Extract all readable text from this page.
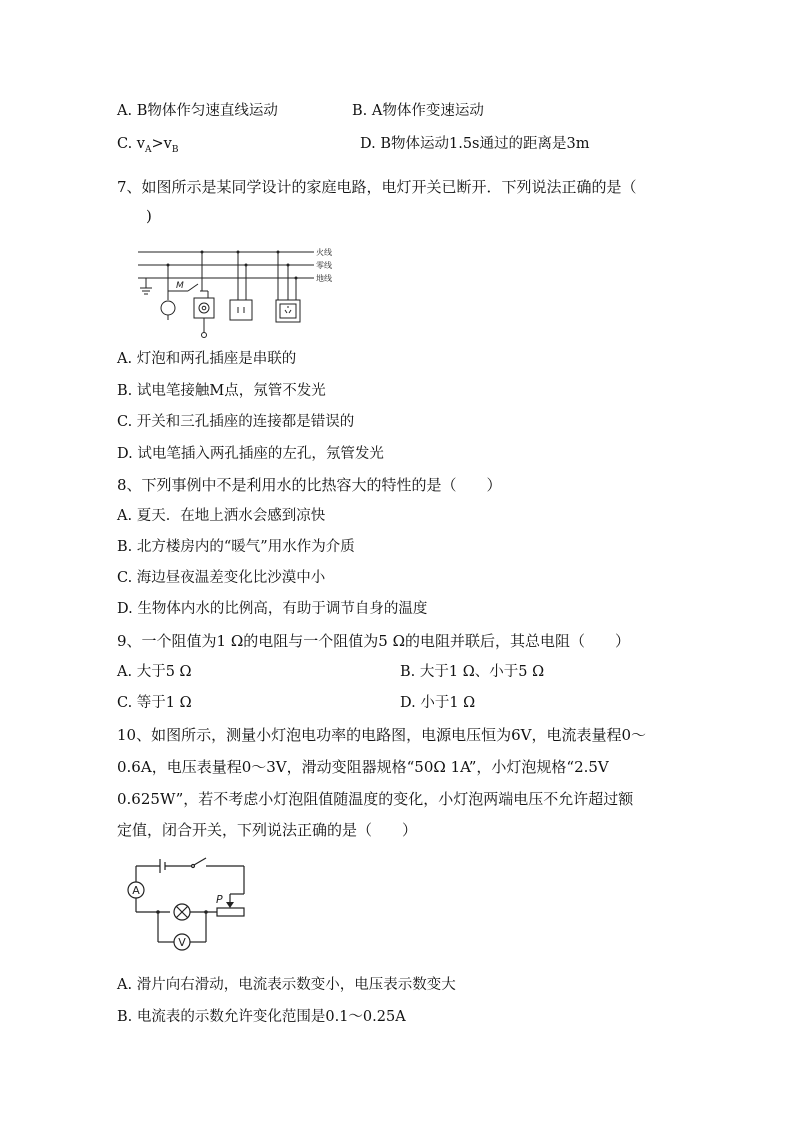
A. B物体作匀速直线运动	B. A物体作变速运动
C. $v_A>v_B$	D. B物体运动1.5s通过的距离是3m
7、如图所示是某同学设计的家庭电路，电灯开关已断开．下列说法正确的是（
)
火线
零线
地线
M
A. 灯泡和两孔插座是串联的
B. 试电笔接触M点，氖管不发光
C. 开关和三孔插座的连接都是错误的
D. 试电笔插入两孔插座的左孔，氖管发光
8、下列事例中不是利用水的比热容大的特性的是（　　）
A. 夏天．在地上洒水会感到凉快
B. 北方楼房内的“暖气”用水作为介质
C. 海边昼夜温差变化比沙漠中小
D. 生物体内水的比例高，有助于调节自身的温度
9、一个阻值为1 Ω的电阻与一个阻值为5 Ω的电阻并联后，其总电阻（　　）
A. 大于5 Ω	B. 大于1 Ω、小于5 Ω
C. 等于1 Ω	D. 小于1 Ω
10、如图所示，测量小灯泡电功率的电路图，电源电压恒为6V，电流表量程0～
0.6A，电压表量程0～3V，滑动变阻器规格“50Ω 1A”，小灯泡规格“2.5V
0.625W”，若不考虑小灯泡阻值随温度的变化，小灯泡两端电压不允许超过额
定值，闭合开关，下列说法正确的是（　　）
A
V
P
A. 滑片向右滑动，电流表示数变小，电压表示数变大
B. 电流表的示数允许变化范围是0.1～0.25A
